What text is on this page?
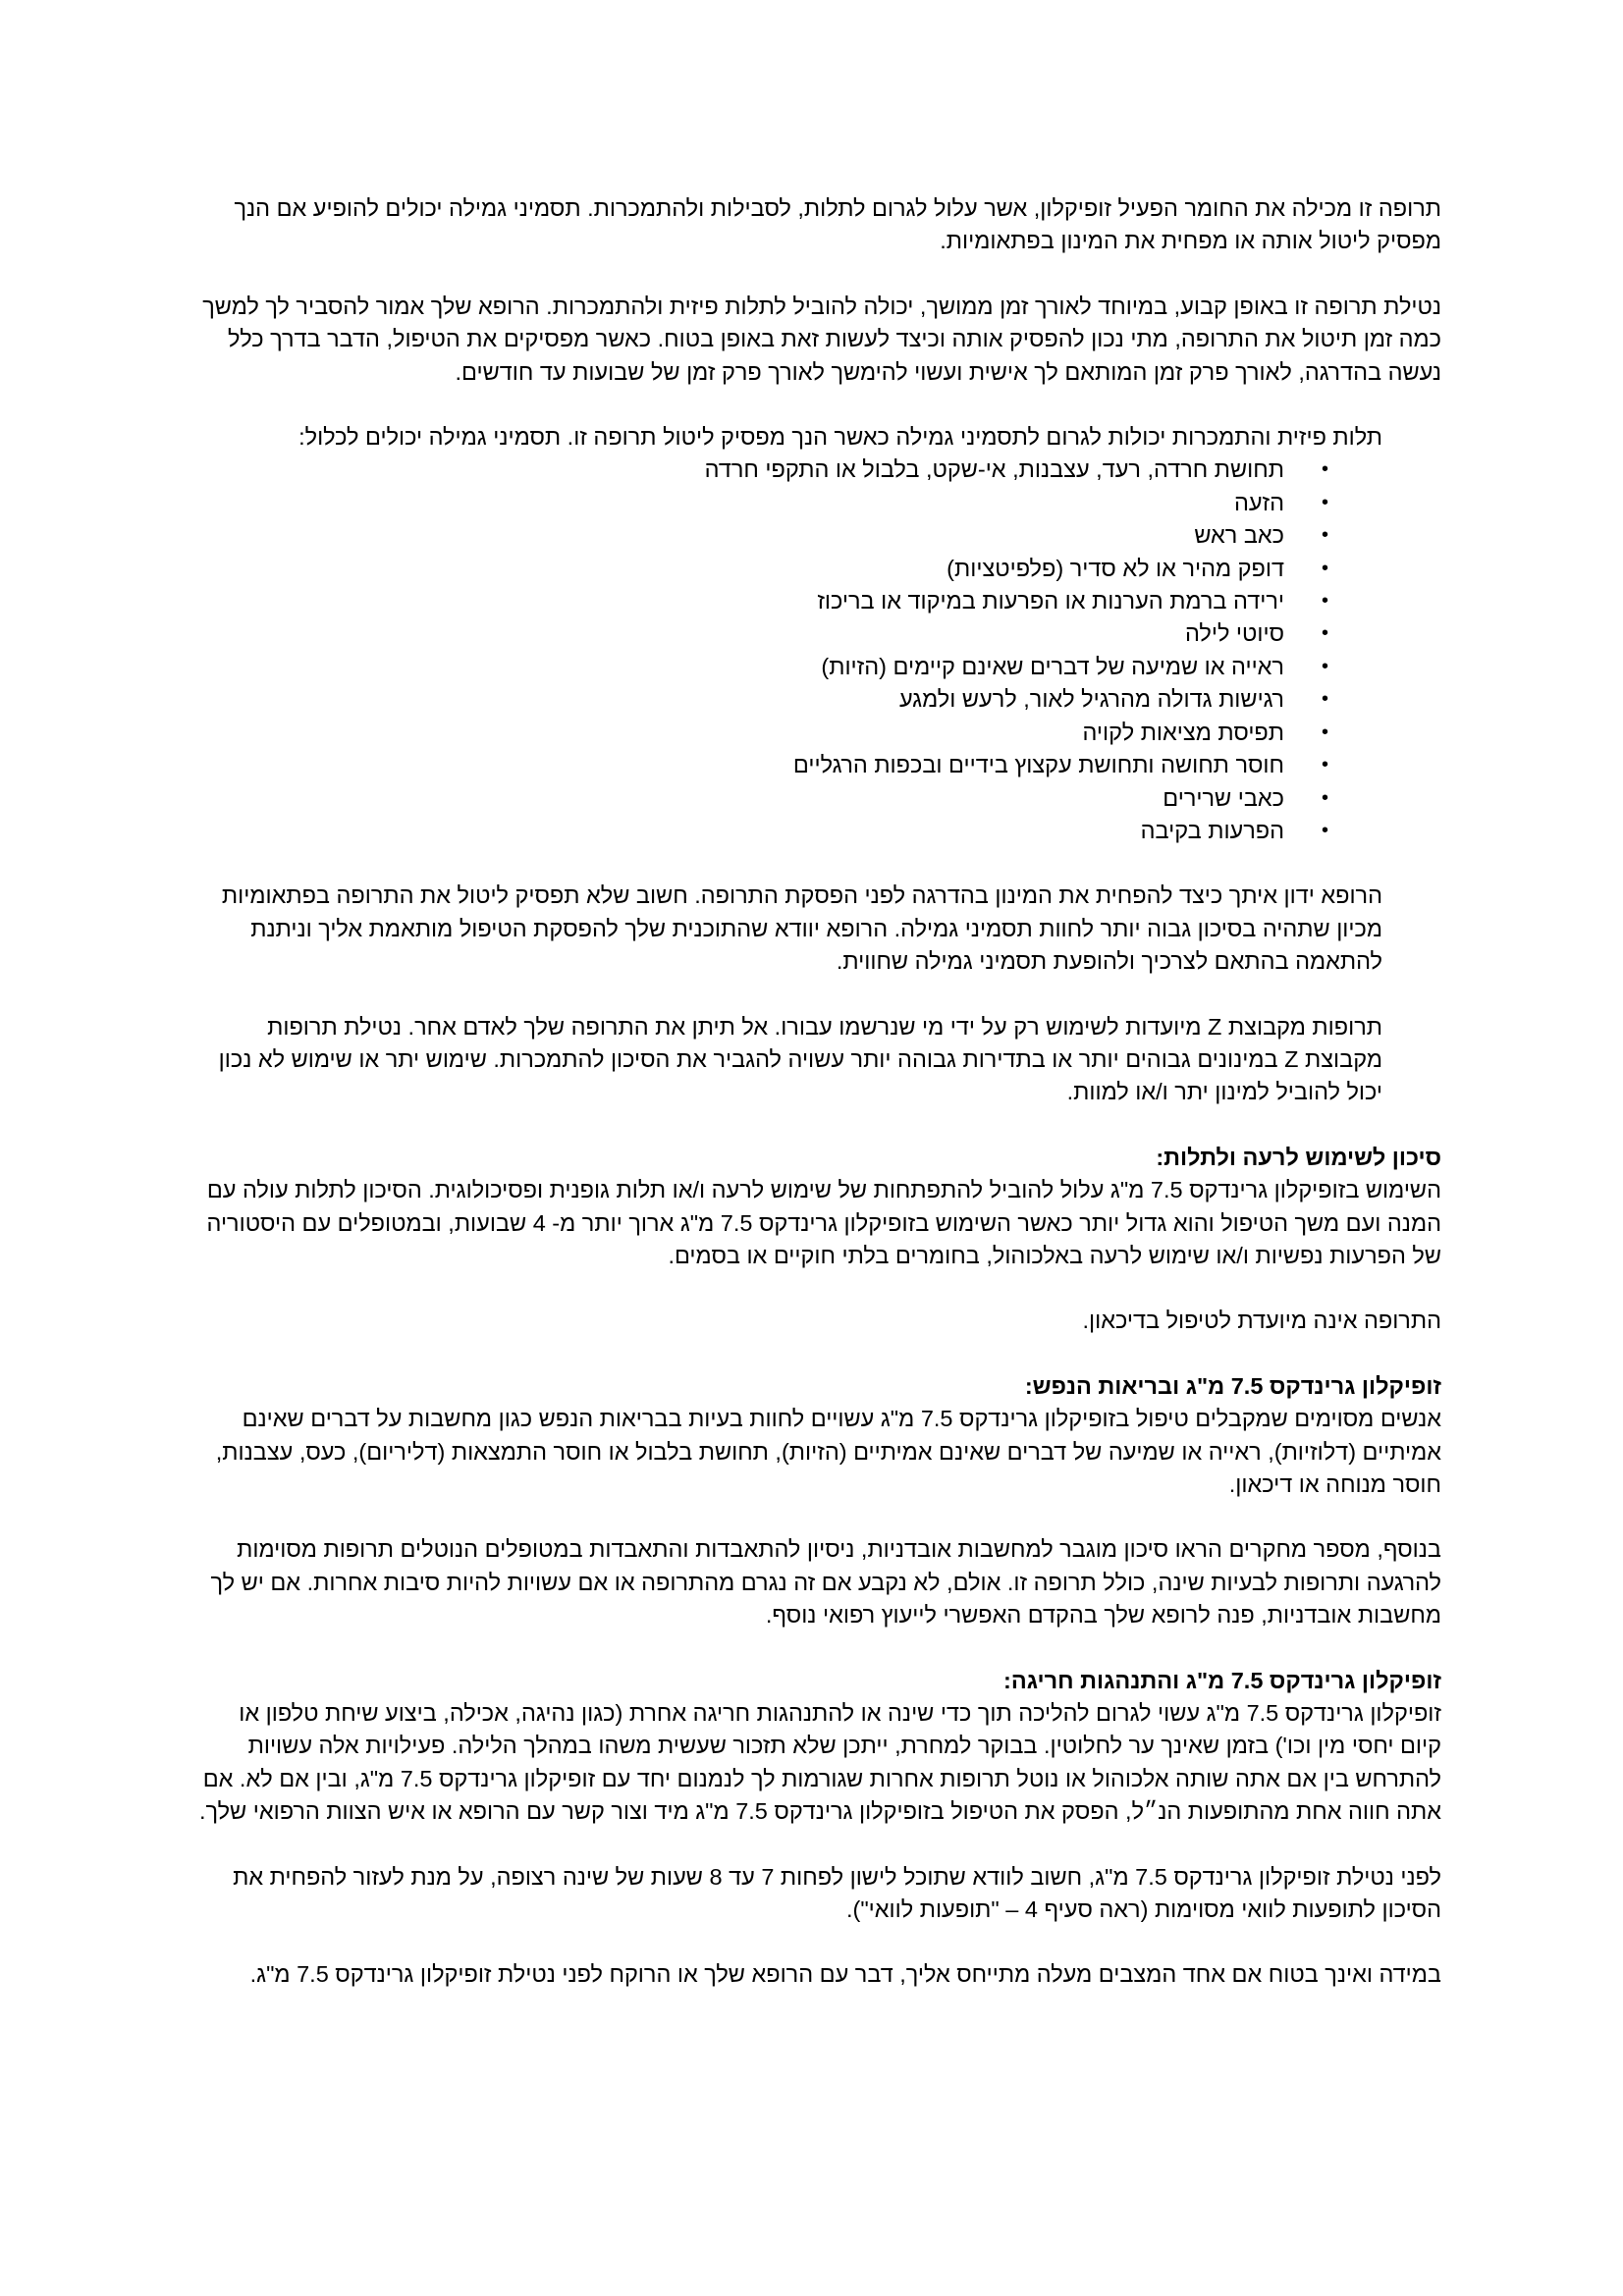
תרופה זו מכילה את החומר הפעיל זופיקלון, אשר עלול לגרום לתלות, לסבילות ולהתמכרות. תסמיני גמילה יכולים להופיע אם הנך מפסיק ליטול אותה או מפחית את המינון בפתאומיות.

נטילת תרופה זו באופן קבוע, במיוחד לאורך זמן ממושך, יכולה להוביל לתלות פיזית ולהתמכרות. הרופא שלך אמור להסביר לך למשך כמה זמן תיטול את התרופה, מתי נכון להפסיק אותה וכיצד לעשות זאת באופן בטוח. כאשר מפסיקים את הטיפול, הדבר בדרך כלל נעשה בהדרגה, לאורך פרק זמן המותאם לך אישית ועשוי להימשך לאורך פרק זמן של שבועות עד חודשים.

תלות פיזית והתמכרות יכולות לגרום לתסמיני גמילה כאשר הנך מפסיק ליטול תרופה זו. תסמיני גמילה יכולים לכלול:

•
תחושת חרדה, רעד, עצבנות, אי-שקט, בלבול או התקפי חרדה
•
הזעה
•
כאב ראש
•
דופק מהיר או לא סדיר (פלפיטציות)
•
ירידה ברמת הערנות או הפרעות במיקוד או בריכוז
•
סיוטי לילה
•
ראייה או שמיעה של דברים שאינם קיימים (הזיות)
•
רגישות גדולה מהרגיל לאור, לרעש ולמגע
•
תפיסת מציאות לקויה
•
חוסר תחושה ותחושת עקצוץ בידיים ובכפות הרגליים
•
כאבי שרירים
•
הפרעות בקיבה

הרופא ידון איתך כיצד להפחית את המינון בהדרגה לפני הפסקת התרופה. חשוב שלא תפסיק ליטול את התרופה בפתאומיות מכיון שתהיה בסיכון גבוה יותר לחוות תסמיני גמילה. הרופא יוודא שהתוכנית שלך להפסקת הטיפול מותאמת אליך וניתנת להתאמה בהתאם לצרכיך ולהופעת תסמיני גמילה שחווית.

תרופות מקבוצת Z מיועדות לשימוש רק על ידי מי שנרשמו עבורו. אל תיתן את התרופה שלך לאדם אחר. נטילת תרופות מקבוצת Z במינונים גבוהים יותר או בתדירות גבוהה יותר עשויה להגביר את הסיכון להתמכרות. שימוש יתר או שימוש לא נכון יכול להוביל למינון יתר ו/או למוות.

סיכון לשימוש לרעה ולתלות:

השימוש בזופיקלון גרינדקס 7.5 מ"ג עלול להוביל להתפתחות של שימוש לרעה ו/או תלות גופנית ופסיכולוגית. הסיכון לתלות עולה עם המנה ועם משך הטיפול והוא גדול יותר כאשר השימוש בזופיקלון גרינדקס 7.5 מ"ג ארוך יותר מ- 4 שבועות, ובמטופלים עם היסטוריה של הפרעות נפשיות ו/או שימוש לרעה באלכוהול, בחומרים בלתי חוקיים או בסמים.

התרופה אינה מיועדת לטיפול בדיכאון.

זופיקלון גרינדקס 7.5 מ"ג ובריאות הנפש:

אנשים מסוימים שמקבלים טיפול בזופיקלון גרינדקס 7.5 מ"ג עשויים לחוות בעיות בבריאות הנפש כגון מחשבות על דברים שאינם אמיתיים (דלוזיות), ראייה או שמיעה של דברים שאינם אמיתיים (הזיות), תחושת בלבול או חוסר התמצאות (דליריום), כעס, עצבנות, חוסר מנוחה או דיכאון.

בנוסף, מספר מחקרים הראו סיכון מוגבר למחשבות אובדניות, ניסיון להתאבדות והתאבדות במטופלים הנוטלים תרופות מסוימות להרגעה ותרופות לבעיות שינה, כולל תרופה זו. אולם, לא נקבע אם זה נגרם מהתרופה או אם עשויות להיות סיבות אחרות. אם יש לך מחשבות אובדניות, פנה לרופא שלך בהקדם האפשרי לייעוץ רפואי נוסף.

זופיקלון גרינדקס 7.5 מ"ג והתנהגות חריגה:

זופיקלון גרינדקס 7.5 מ"ג עשוי לגרום להליכה תוך כדי שינה או להתנהגות חריגה אחרת (כגון נהיגה, אכילה, ביצוע שיחת טלפון או קיום יחסי מין וכו') בזמן שאינך ער לחלוטין. בבוקר למחרת, ייתכן שלא תזכור שעשית משהו במהלך הלילה. פעילויות אלה עשויות להתרחש בין אם אתה שותה אלכוהול או נוטל תרופות אחרות שגורמות לך לנמנום יחד עם זופיקלון גרינדקס 7.5 מ"ג, ובין אם לא. אם אתה חווה אחת מהתופעות הנ״ל, הפסק את הטיפול בזופיקלון גרינדקס 7.5 מ"ג מיד וצור קשר עם הרופא או איש הצוות הרפואי שלך.

לפני נטילת זופיקלון גרינדקס 7.5 מ"ג, חשוב לוודא שתוכל לישון לפחות 7 עד 8 שעות של שינה רצופה, על מנת לעזור להפחית את הסיכון לתופעות לוואי מסוימות (ראה סעיף 4 – "תופעות לוואי").

במידה ואינך בטוח אם אחד המצבים מעלה מתייחס אליך, דבר עם הרופא שלך או הרוקח לפני נטילת זופיקלון גרינדקס 7.5 מ"ג.
